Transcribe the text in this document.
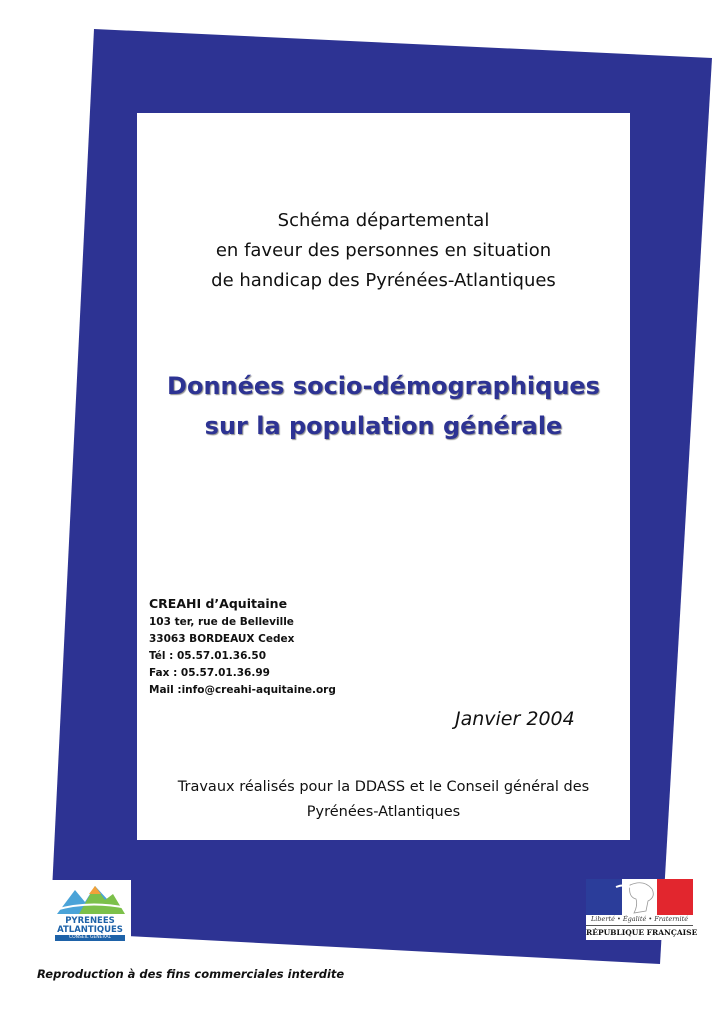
Schéma départemental
en faveur des personnes en situation
de handicap des Pyrénées-Atlantiques
Données socio-démographiques
sur la population générale
CREAHI d’Aquitaine
103 ter, rue de Belleville
33063 BORDEAUX Cedex
Tél : 05.57.01.36.50
Fax : 05.57.01.36.99
Mail :info@creahi-aquitaine.org
Janvier 2004
Travaux réalisés pour la DDASS et le Conseil général des
Pyrénées-Atlantiques
PYRENEES
ATLANTIQUES
CONSEIL GÉNÉRAL
Liberté • Égalité • Fraternité
RÉPUBLIQUE FRANÇAISE
Reproduction à des fins commerciales interdite
